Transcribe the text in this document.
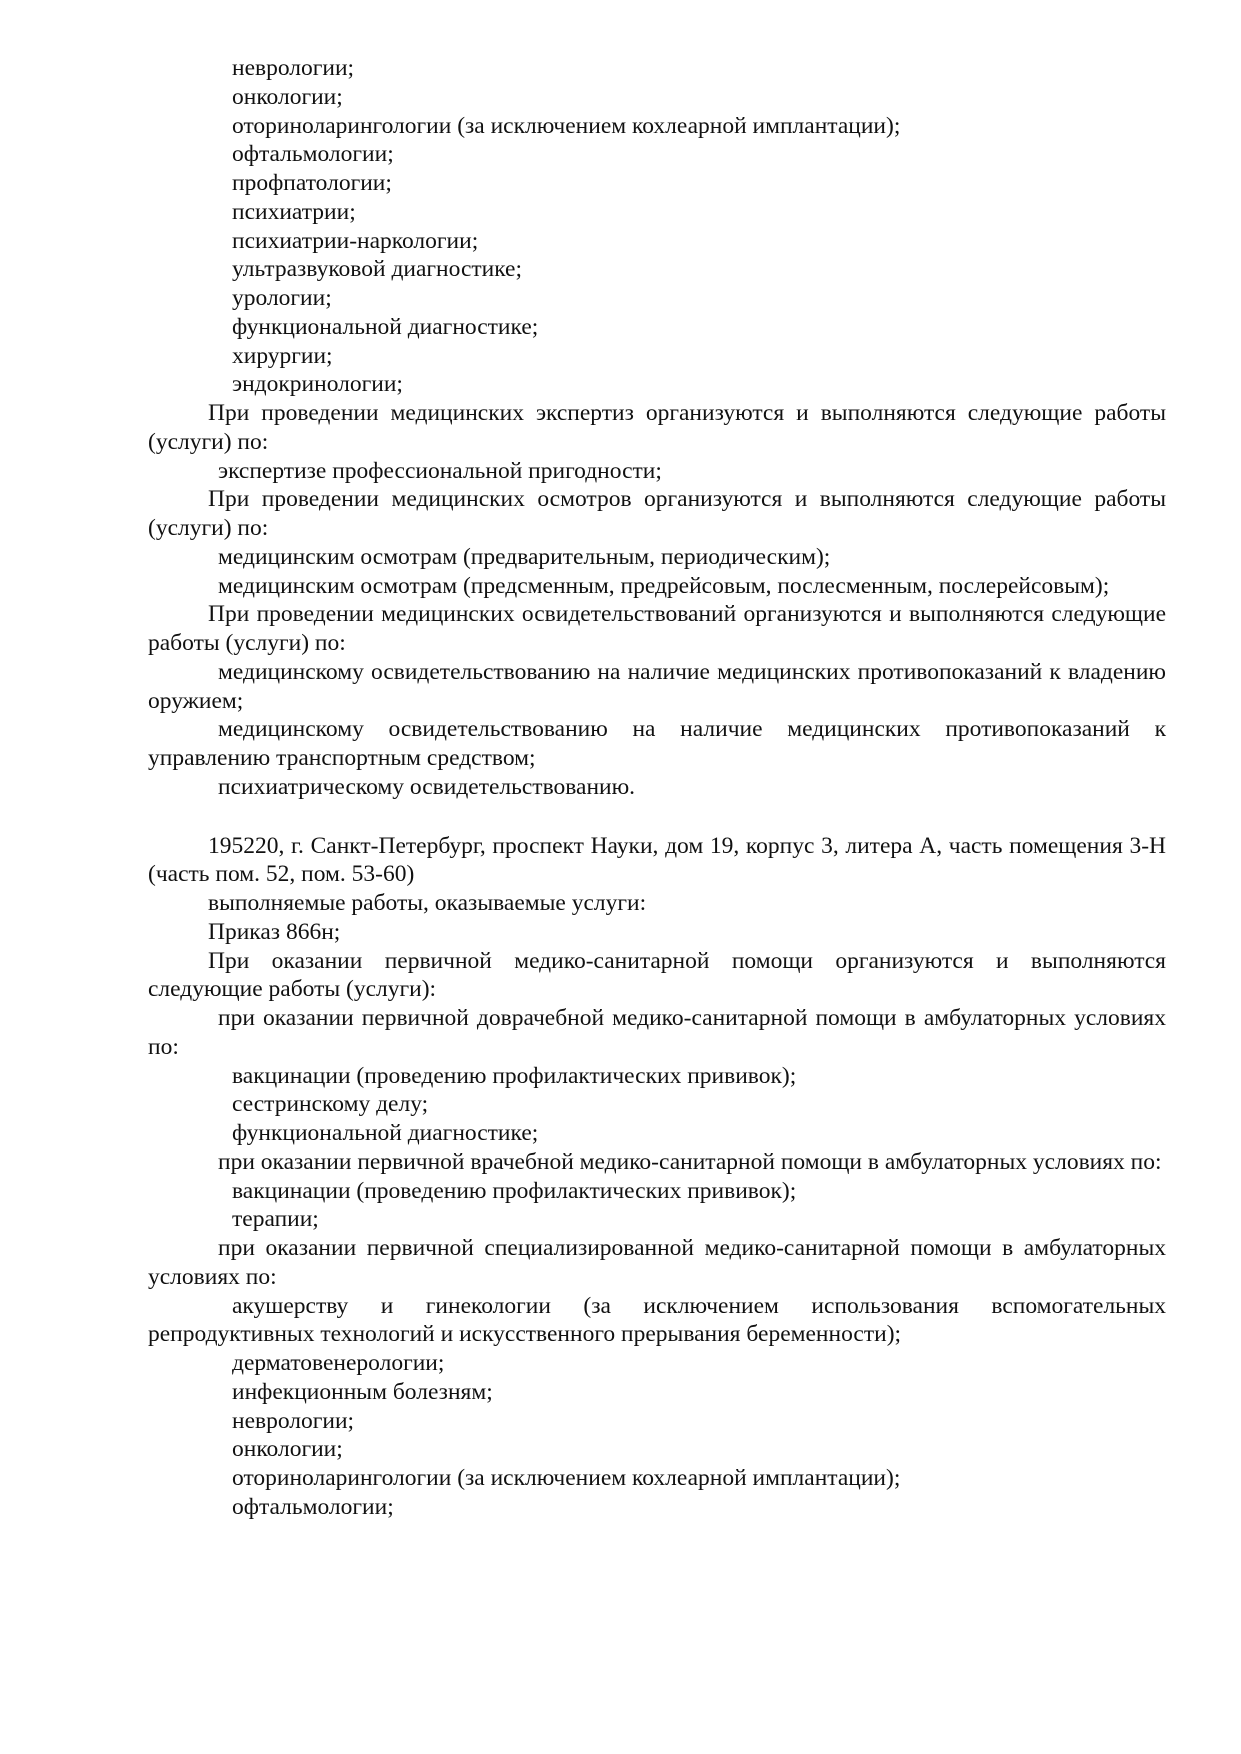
неврологии;
онкологии;
оториноларингологии (за исключением кохлеарной имплантации);
офтальмологии;
профпатологии;
психиатрии;
психиатрии-наркологии;
ультразвуковой диагностике;
урологии;
функциональной диагностике;
хирургии;
эндокринологии;
При проведении медицинских экспертиз организуются и выполняются следующие работы (услуги) по:
экспертизе профессиональной пригодности;
При проведении медицинских осмотров организуются и выполняются следующие работы (услуги) по:
медицинским осмотрам (предварительным, периодическим);
медицинским осмотрам (предсменным, предрейсовым, послесменным, послерейсовым);
При проведении медицинских освидетельствований организуются и выполняются следующие работы (услуги) по:
медицинскому освидетельствованию на наличие медицинских противопоказаний к владению оружием;
медицинскому освидетельствованию на наличие медицинских противопоказаний к управлению транспортным средством;
психиатрическому освидетельствованию.
195220, г. Санкт-Петербург, проспект Науки, дом 19, корпус 3, литера А, часть помещения 3-Н (часть пом. 52, пом. 53-60)
выполняемые работы, оказываемые услуги:
Приказ 866н;
При оказании первичной медико-санитарной помощи организуются и выполняются следующие работы (услуги):
при оказании первичной доврачебной медико-санитарной помощи в амбулаторных условиях по:
вакцинации (проведению профилактических прививок);
сестринскому делу;
функциональной диагностике;
при оказании первичной врачебной медико-санитарной помощи в амбулаторных условиях по:
вакцинации (проведению профилактических прививок);
терапии;
при оказании первичной специализированной медико-санитарной помощи в амбулаторных условиях по:
акушерству и гинекологии (за исключением использования вспомогательных репродуктивных технологий и искусственного прерывания беременности);
дерматовенерологии;
инфекционным болезням;
неврологии;
онкологии;
оториноларингологии (за исключением кохлеарной имплантации);
офтальмологии;
